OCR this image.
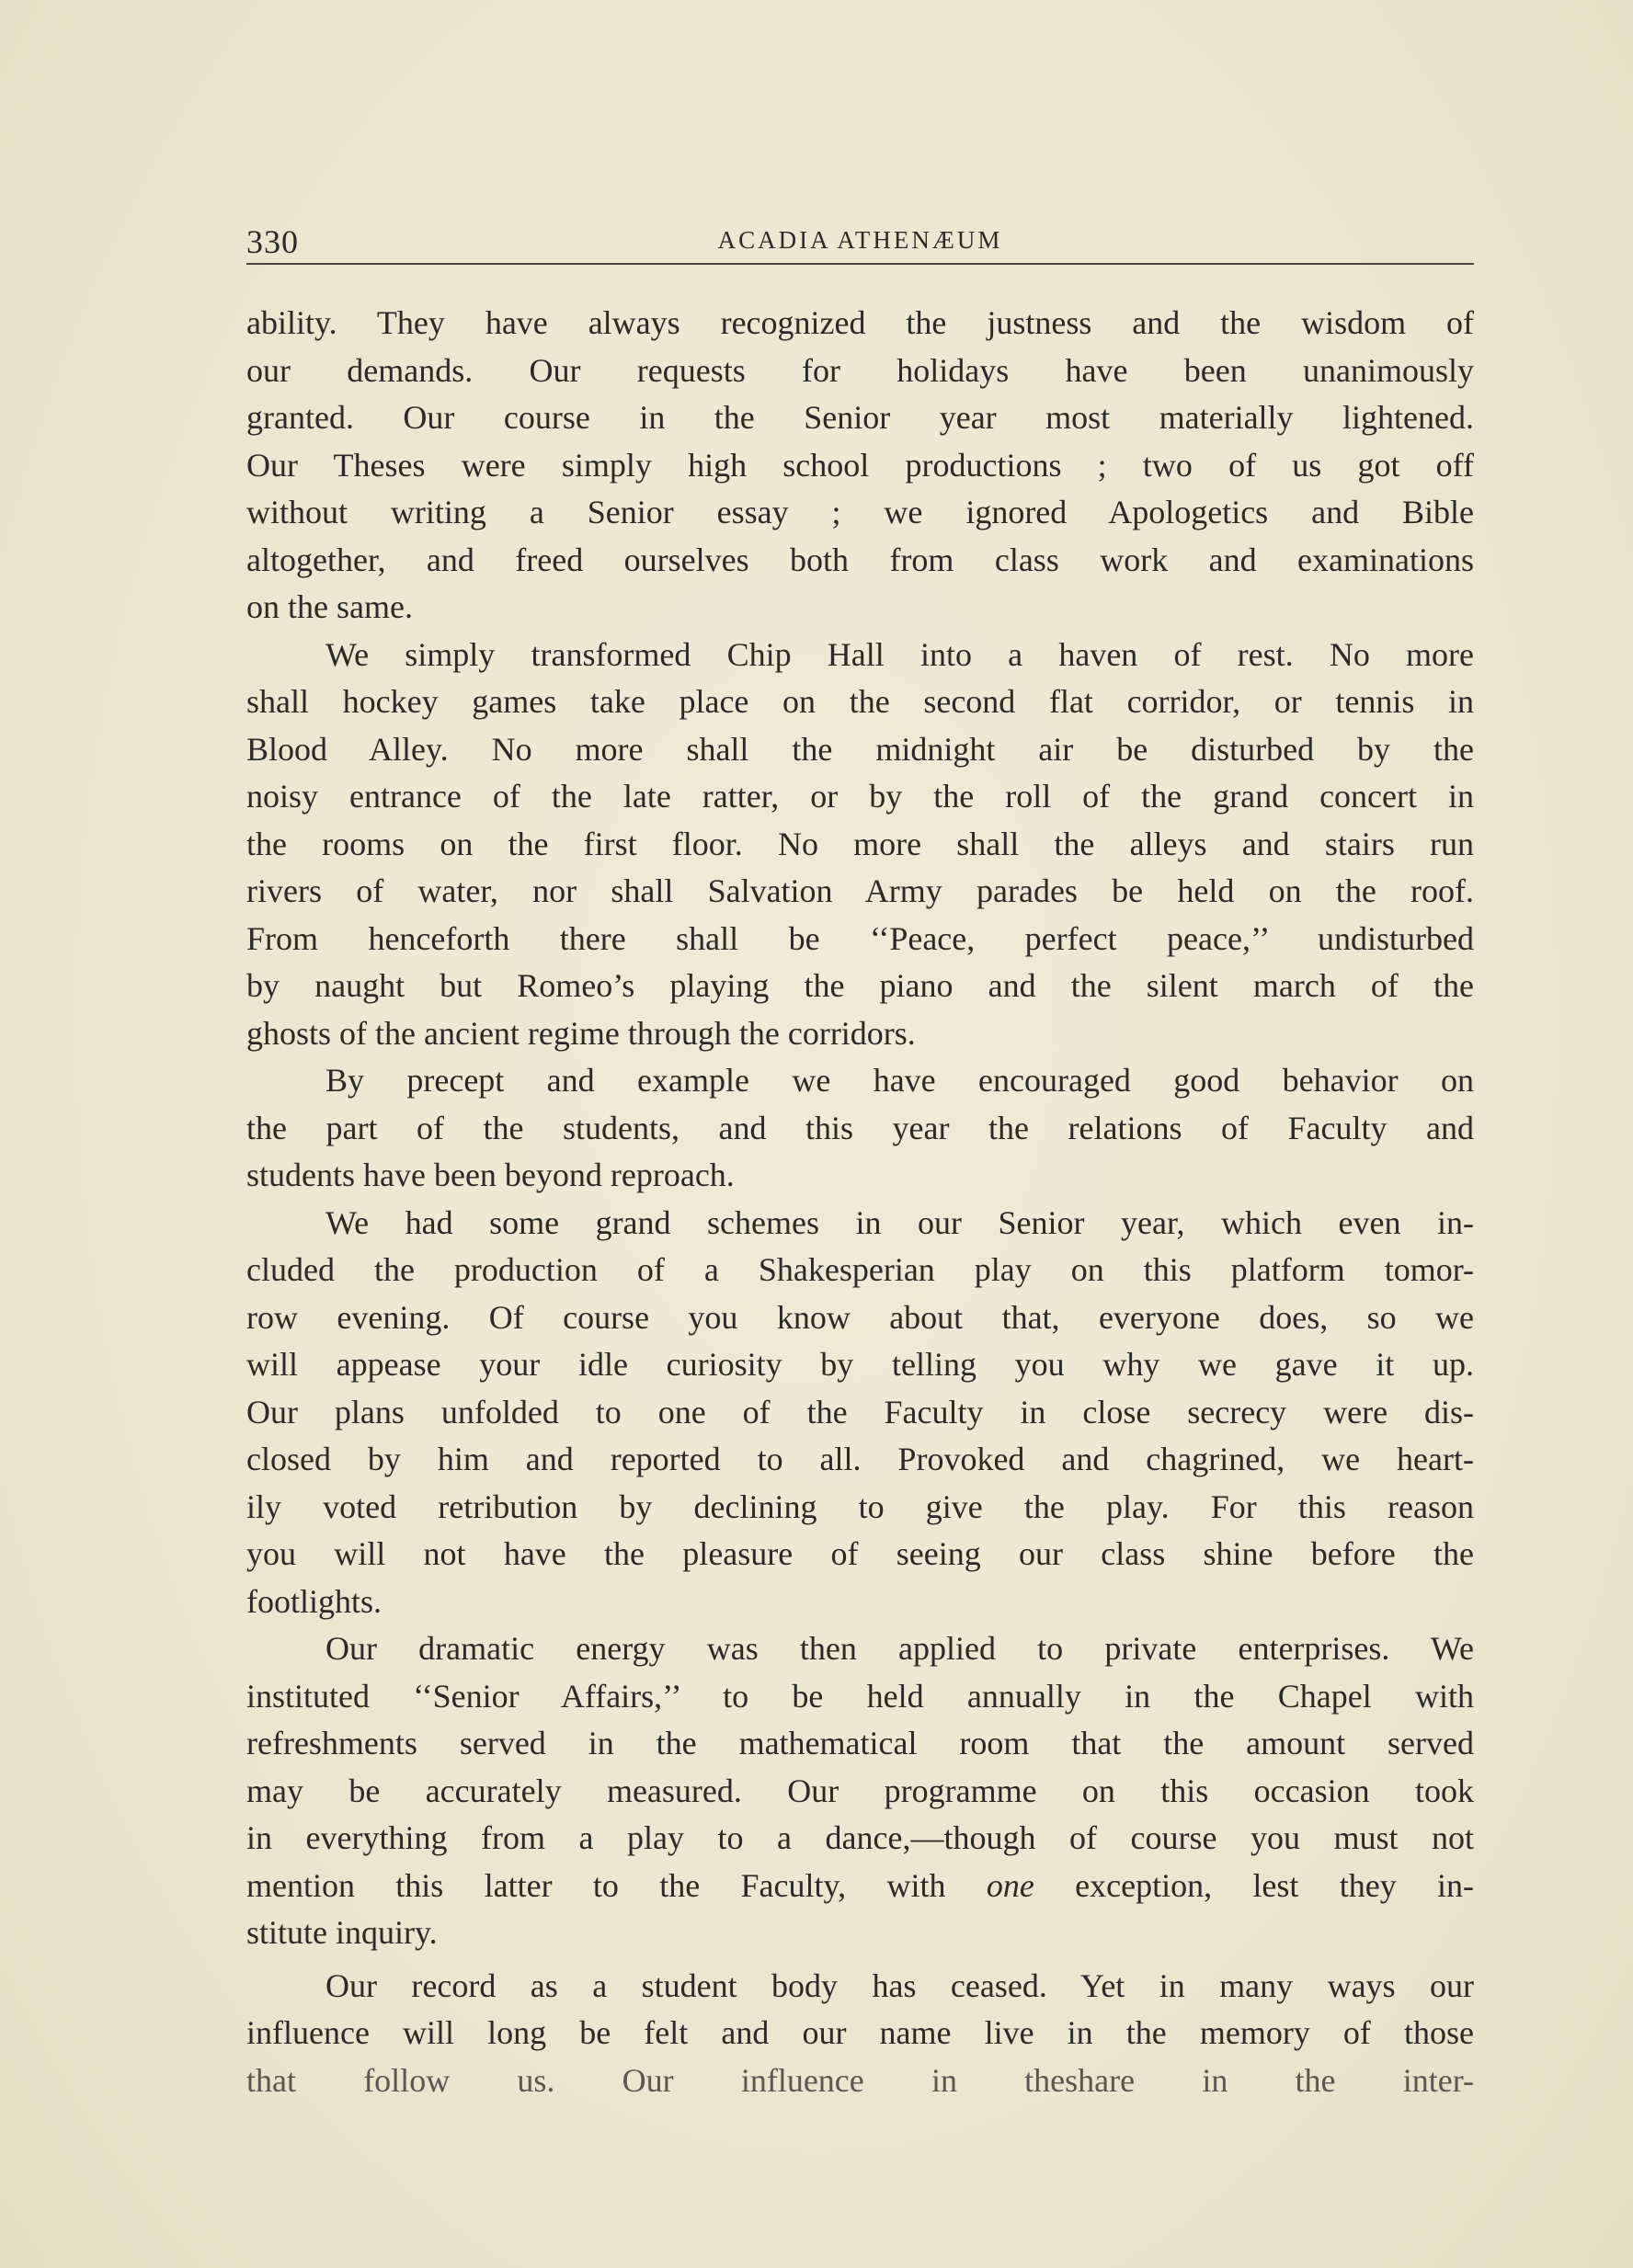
330	ACADIA ATHENÆUM
ability. They have always recognized the justness and the wisdom of
our demands. Our requests for holidays have been unanimously
granted. Our course in the Senior year most materially lightened.
Our Theses were simply high school productions ; two of us got off
without writing a Senior essay ; we ignored Apologetics and Bible
altogether, and freed ourselves both from class work and examinations
on the same.
We simply transformed Chip Hall into a haven of rest. No more
shall hockey games take place on the second flat corridor, or tennis in
Blood Alley. No more shall the midnight air be disturbed by the
noisy entrance of the late ratter, or by the roll of the grand concert in
the rooms on the first floor. No more shall the alleys and stairs run
rivers of water, nor shall Salvation Army parades be held on the roof.
From henceforth there shall be ‘‘Peace, perfect peace,’’ undisturbed
by naught but Romeo’s playing the piano and the silent march of the
ghosts of the ancient regime through the corridors.
By precept and example we have encouraged good behavior on
the part of the students, and this year the relations of Faculty and
students have been beyond reproach.
We had some grand schemes in our Senior year, which even in-
cluded the production of a Shakesperian play on this platform tomor-
row evening. Of course you know about that, everyone does, so we
will appease your idle curiosity by telling you why we gave it up.
Our plans unfolded to one of the Faculty in close secrecy were dis-
closed by him and reported to all. Provoked and chagrined, we heart-
ily voted retribution by declining to give the play. For this reason
you will not have the pleasure of seeing our class shine before the
footlights.
Our dramatic energy was then applied to private enterprises. We
instituted ‘‘Senior Affairs,’’ to be held annually in the Chapel with
refreshments served in the mathematical room that the amount served
may be accurately measured. Our programme on this occasion took
in everything from a play to a dance,—though of course you must not
mention this latter to the Faculty, with one exception, lest they in-
stitute inquiry.
Our record as a student body has ceased. Yet in many ways our
influence will long be felt and our name live in the memory of those
that follow us. Our influence in theshare in the inter-
